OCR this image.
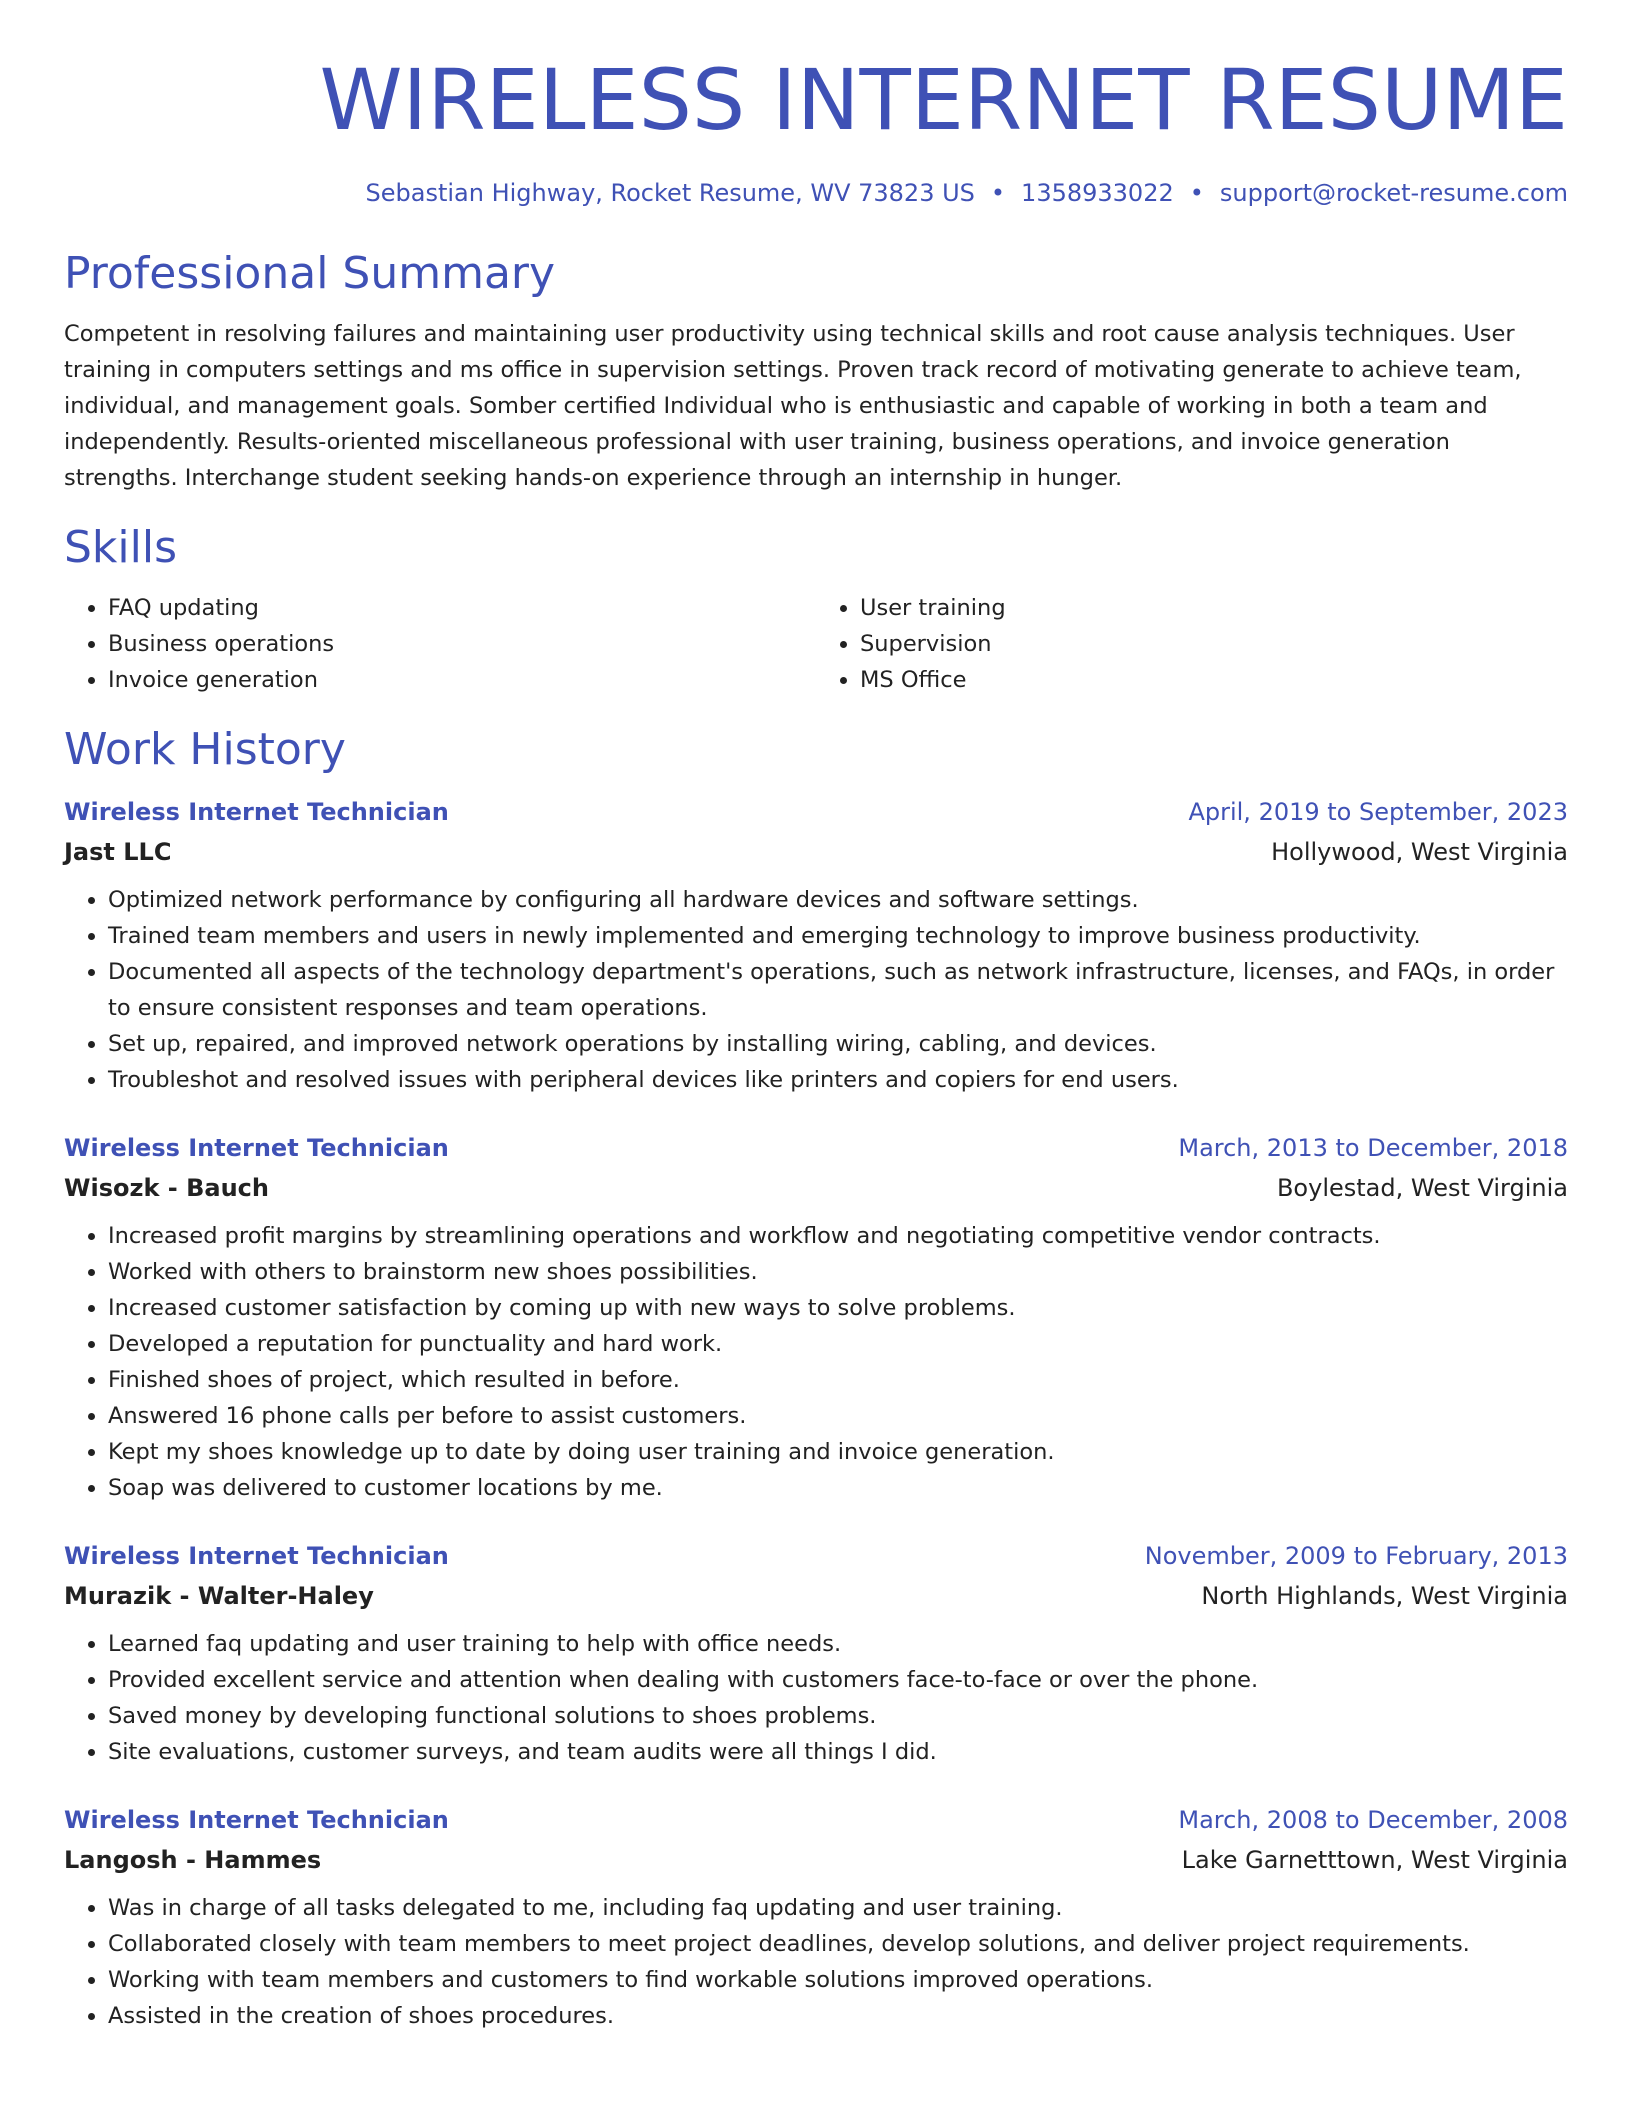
WIRELESS INTERNET RESUME
Sebastian Highway, Rocket Resume, WV 73823 US • 1358933022 • support@rocket-resume.com
Professional Summary

Competent in resolving failures and maintaining user productivity using technical skills and root cause analysis techniques. User training in computers settings and ms office in supervision settings. Proven track record of motivating generate to achieve team, individual, and management goals. Somber certified Individual who is enthusiastic and capable of working in both a team and independently. Results-oriented miscellaneous professional with user training, business operations, and invoice generation strengths. Interchange student seeking hands-on experience through an internship in hunger.

Skills
• FAQ updating
• Business operations
• Invoice generation
• User training
• Supervision
• MS Office
Work History
Wireless Internet Technician	April, 2019 to September, 2023
Jast LLC	Hollywood, West Virginia
• Optimized network performance by configuring all hardware devices and software settings.
• Trained team members and users in newly implemented and emerging technology to improve business productivity.
• Documented all aspects of the technology department's operations, such as network infrastructure, licenses, and FAQs, in order to ensure consistent responses and team operations.
• Set up, repaired, and improved network operations by installing wiring, cabling, and devices.
• Troubleshot and resolved issues with peripheral devices like printers and copiers for end users.
Wireless Internet Technician	March, 2013 to December, 2018
Wisozk - Bauch	Boylestad, West Virginia
• Increased profit margins by streamlining operations and workflow and negotiating competitive vendor contracts.
• Worked with others to brainstorm new shoes possibilities.
• Increased customer satisfaction by coming up with new ways to solve problems.
• Developed a reputation for punctuality and hard work.
• Finished shoes of project, which resulted in before.
• Answered 16 phone calls per before to assist customers.
• Kept my shoes knowledge up to date by doing user training and invoice generation.
• Soap was delivered to customer locations by me.
Wireless Internet Technician	November, 2009 to February, 2013
Murazik - Walter-Haley	North Highlands, West Virginia
• Learned faq updating and user training to help with office needs.
• Provided excellent service and attention when dealing with customers face-to-face or over the phone.
• Saved money by developing functional solutions to shoes problems.
• Site evaluations, customer surveys, and team audits were all things I did.
Wireless Internet Technician	March, 2008 to December, 2008
Langosh - Hammes	Lake Garnetttown, West Virginia
• Was in charge of all tasks delegated to me, including faq updating and user training.
• Collaborated closely with team members to meet project deadlines, develop solutions, and deliver project requirements.
• Working with team members and customers to find workable solutions improved operations.
• Assisted in the creation of shoes procedures.
